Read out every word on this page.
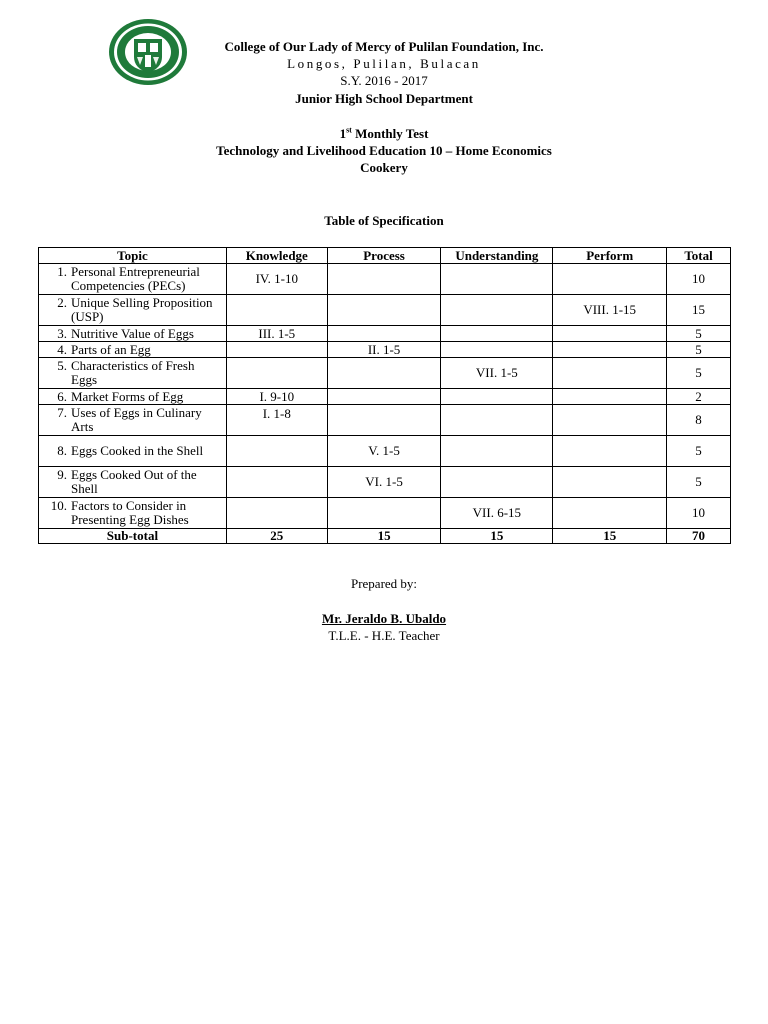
College of Our Lady of Mercy of Pulilan Foundation, Inc.
Longos, Pulilan, Bulacan
S.Y. 2016 - 2017
Junior High School Department
1st Monthly Test
Technology and Livelihood Education 10 – Home Economics
Cookery
Table of Specification
Topic	Knowledge	Process	Understanding	Perform	Total
1. Personal Entrepreneurial Competencies (PECs)	IV. 1-10				10
2. Unique Selling Proposition (USP)				VIII. 1-15	15
3. Nutritive Value of Eggs	III. 1-5				5
4. Parts of an Egg		II. 1-5			5
5. Characteristics of Fresh Eggs			VII. 1-5		5
6. Market Forms of Egg	I. 9-10				2
7. Uses of Eggs in Culinary Arts	I. 1-8				8
8. Eggs Cooked in the Shell		V. 1-5			5
9. Eggs Cooked Out of the Shell		VI. 1-5			5
10. Factors to Consider in Presenting Egg Dishes			VII. 6-15		10
Sub-total	25	15	15	15	70
Prepared by:
Mr. Jeraldo B. Ubaldo
T.L.E. - H.E. Teacher
